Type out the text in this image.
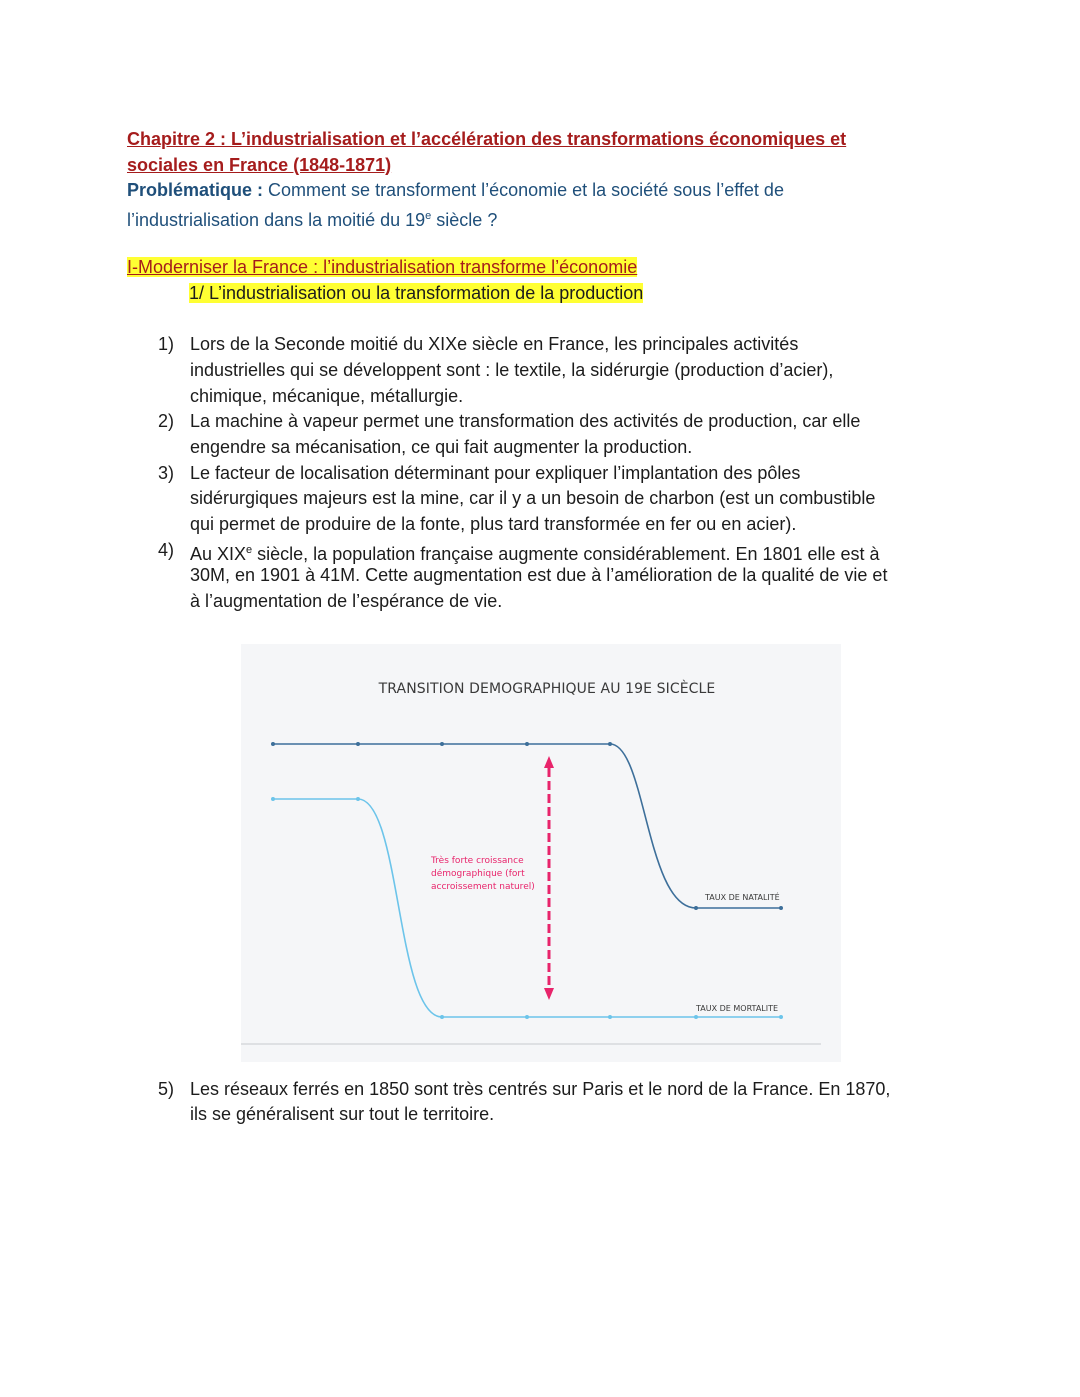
Chapitre 2 : L’industrialisation et l’accélération des transformations économiques et
sociales en France (1848-1871)
Problématique : Comment se transforment l’économie et la société sous l’effet de
l’industrialisation dans la moitié du 19e siècle ?
I-Moderniser la France : l’industrialisation transforme l’économie
1/ L’industrialisation ou la transformation de la production
1) Lors de la Seconde moitié du XIXe siècle en France, les principales activités
industrielles qui se développent sont : le textile, la sidérurgie (production d’acier),
chimique, mécanique, métallurgie.
2) La machine à vapeur permet une transformation des activités de production, car elle
engendre sa mécanisation, ce qui fait augmenter la production.
3) Le facteur de localisation déterminant pour expliquer l’implantation des pôles
sidérurgiques majeurs est la mine, car il y a un besoin de charbon (est un combustible
qui permet de produire de la fonte, plus tard transformée en fer ou en acier).
4) Au XIXe siècle, la population française augmente considérablement. En 1801 elle est à
30M, en 1901 à 41M. Cette augmentation est due à l’amélioration de la qualité de vie et
à l’augmentation de l’espérance de vie.
TRANSITION DEMOGRAPHIQUE AU 19E SICÈCLE
Très forte croissance démographique (fort accroissement naturel)
TAUX DE NATALITÉ
TAUX DE MORTALITE
5) Les réseaux ferrés en 1850 sont très centrés sur Paris et le nord de la France. En 1870,
ils se généralisent sur tout le territoire.
